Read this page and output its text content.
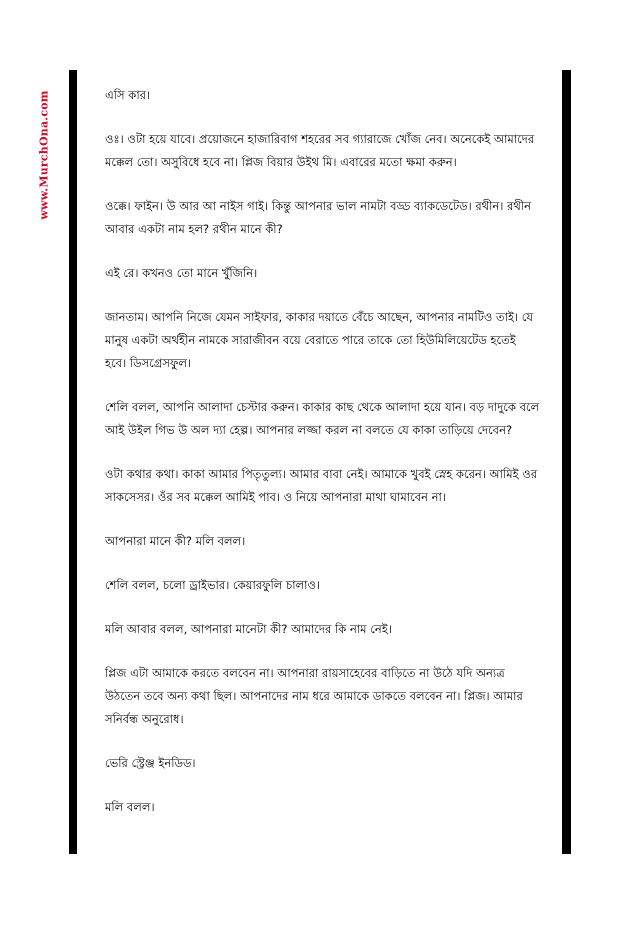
www.MurchOna.com	এসি কার।

ওঃ। ওটা হয়ে যাবে। প্রয়োজনে হাজারিবাগ শহরের সব গ্যারাজে খোঁজ নেব। অনেকেই আমাদের মক্কেল তো। অসুবিধে হবে না। প্লিজ বিয়ার উইথ মি। এবারের মতো ক্ষমা করুন।

ওক্কে। ফাইন। উ আর আ নাইস গাই। কিন্তু আপনার ভাল নামটা বড্ড ব্যাকডেটেড। রথীন। রথীন আবার একটা নাম হল? রথীন মানে কী?

এই রে। কখনও তো মানে খুঁজিনি।

জানতাম। আপনি নিজে যেমন সাইফার, কাকার দয়াতে বেঁচে আছেন, আপনার নামটিও তাই। যে মানুষ একটা অর্থহীন নামকে সারাজীবন বয়ে বেরাতে পারে তাকে তো হিউমিলিয়েটেড হতেই হবে। ডিসগ্রেসফুল।

শেলি বলল, আপনি আলাদা চেস্টার করুন। কাকার কাছ থেকে আলাদা হয়ে যান। বড় দাদুকে বলে আই উইল গিভ উ অল দ্যা হেল্প। আপনার লজ্জা করল না বলতে যে কাকা তাড়িয়ে দেবেন?

ওটা কথার কথা। কাকা আমার পিতৃতুল্য। আমার বাবা নেই। আমাকে খুবই স্নেহ করেন। আমিই ওর সাকসেসর। ওঁর সব মক্কেল আমিই পাব। ও নিয়ে আপনারা মাথা ঘামাবেন না।

আপনারা মানে কী? মলি বলল।

শেলি বলল, চলো ড্রাইভার। কেয়ারফুলি চালাও।

মলি আবার বলল, আপনারা মানেটা কী? আমাদের কি নাম নেই।

প্লিজ এটা আমাকে করতে বলবেন না। আপনারা রায়সাহেবের বাড়িতে না উঠে যদি অন্যত্র উঠতেন তবে অন্য কথা ছিল। আপনাদের নাম ধরে আমাকে ডাকতে বলবেন না। প্লিজ। আমার সনির্বন্ধ অনুরোধ।

ভেরি স্ট্রেঞ্জ ইনডিড।

মলি বলল।
